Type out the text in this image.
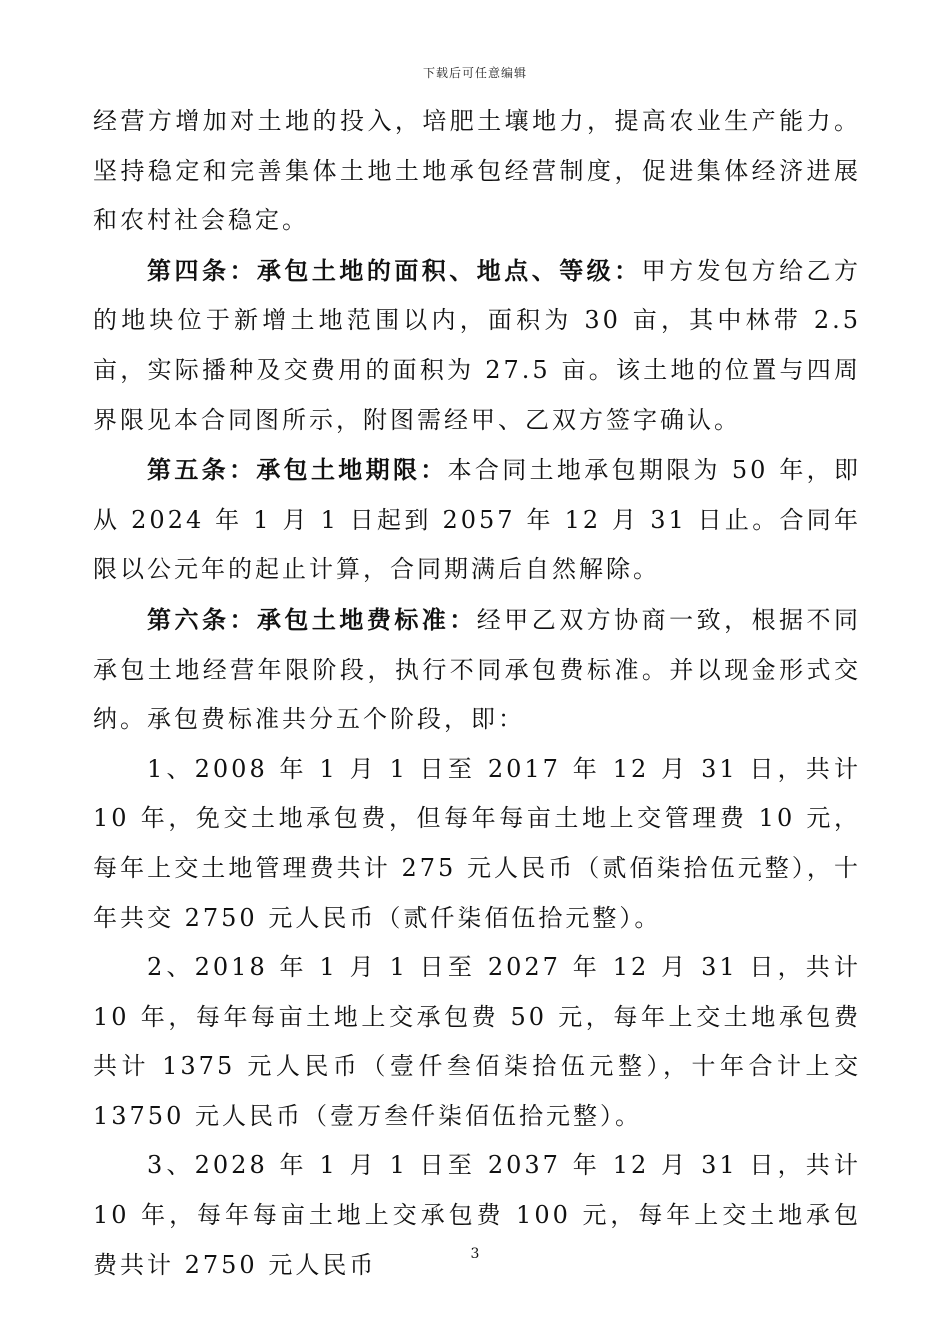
下载后可任意编辑

经营方增加对土地的投入，培肥土壤地力，提高农业生产能力。坚持稳定和完善集体土地土地承包经营制度，促进集体经济进展和农村社会稳定。

第四条：承包土地的面积、地点、等级：甲方发包方给乙方的地块位于新增土地范围以内，面积为 30 亩，其中林带 2.5 亩，实际播种及交费用的面积为 27.5 亩。该土地的位置与四周界限见本合同图所示，附图需经甲、乙双方签字确认。

第五条：承包土地期限：本合同土地承包期限为 50 年，即从 2024 年 1 月 1 日起到 2057 年 12 月 31 日止。合同年限以公元年的起止计算，合同期满后自然解除。

第六条：承包土地费标准：经甲乙双方协商一致，根据不同承包土地经营年限阶段，执行不同承包费标准。并以现金形式交纳。承包费标准共分五个阶段，即：

1、2008 年 1 月 1 日至 2017 年 12 月 31 日，共计 10 年，免交土地承包费，但每年每亩土地上交管理费 10 元，每年上交土地管理费共计 275 元人民币（贰佰柒拾伍元整），十年共交 2750 元人民币（贰仟柒佰伍拾元整）。

2、2018 年 1 月 1 日至 2027 年 12 月 31 日，共计 10 年，每年每亩土地上交承包费 50 元，每年上交土地承包费共计 1375 元人民币（壹仟叁佰柒拾伍元整），十年合计上交 13750 元人民币（壹万叁仟柒佰伍拾元整）。

3、2028 年 1 月 1 日至 2037 年 12 月 31 日，共计 10 年，每年每亩土地上交承包费 100 元，每年上交土地承包费共计 2750 元人民币	3
